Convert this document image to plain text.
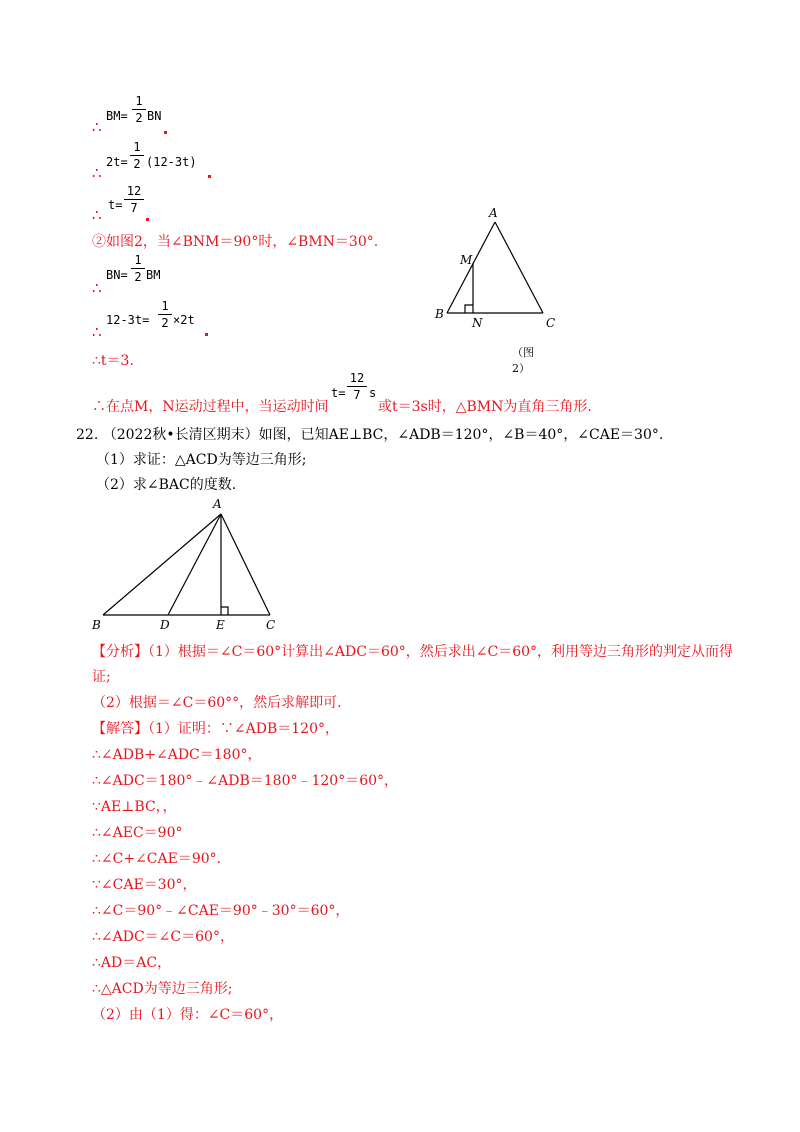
BM=
1
2 BN
∴
2t=
1
2 (12-3t)
∴
t=
12
7
∴
②如图2，当∠BNM＝90°时，∠BMN＝30°.
BN=
1
2 BM
∴
12-3t=
1
2 ×2t
∴
∴t＝3.
∴在点M，N运动过程中，当运动时间
t=
12
7 s
或t＝3s时，△BMN为直角三角形.
A
M
B
N	C
（图2）
22. （2022秋•长清区期末）如图，已知AE⊥BC，∠ADB＝120°，∠B＝40°，∠CAE＝30°.
（1）求证：△ACD为等边三角形;
（2）求∠BAC的度数.
A
B	D	E	C
【分析】（1）根据＝∠C＝60°计算出∠ADC＝60°，然后求出∠C＝60°，利用等边三角形的判定从而得
证;
（2）根据＝∠C＝60°°，然后求解即可.
【解答】（1）证明：∵∠ADB＝120°，
∴∠ADB+∠ADC＝180°，
∴∠ADC＝180°﹣∠ADB＝180°﹣120°＝60°，
∵AE⊥BC，，
∴∠AEC＝90°
∴∠C+∠CAE＝90°.
∵∠CAE＝30°，
∴∠C＝90°﹣∠CAE＝90°﹣30°＝60°，
∴∠ADC＝∠C＝60°，
∴AD＝AC，
∴△ACD为等边三角形;
（2）由（1）得：∠C＝60°，
